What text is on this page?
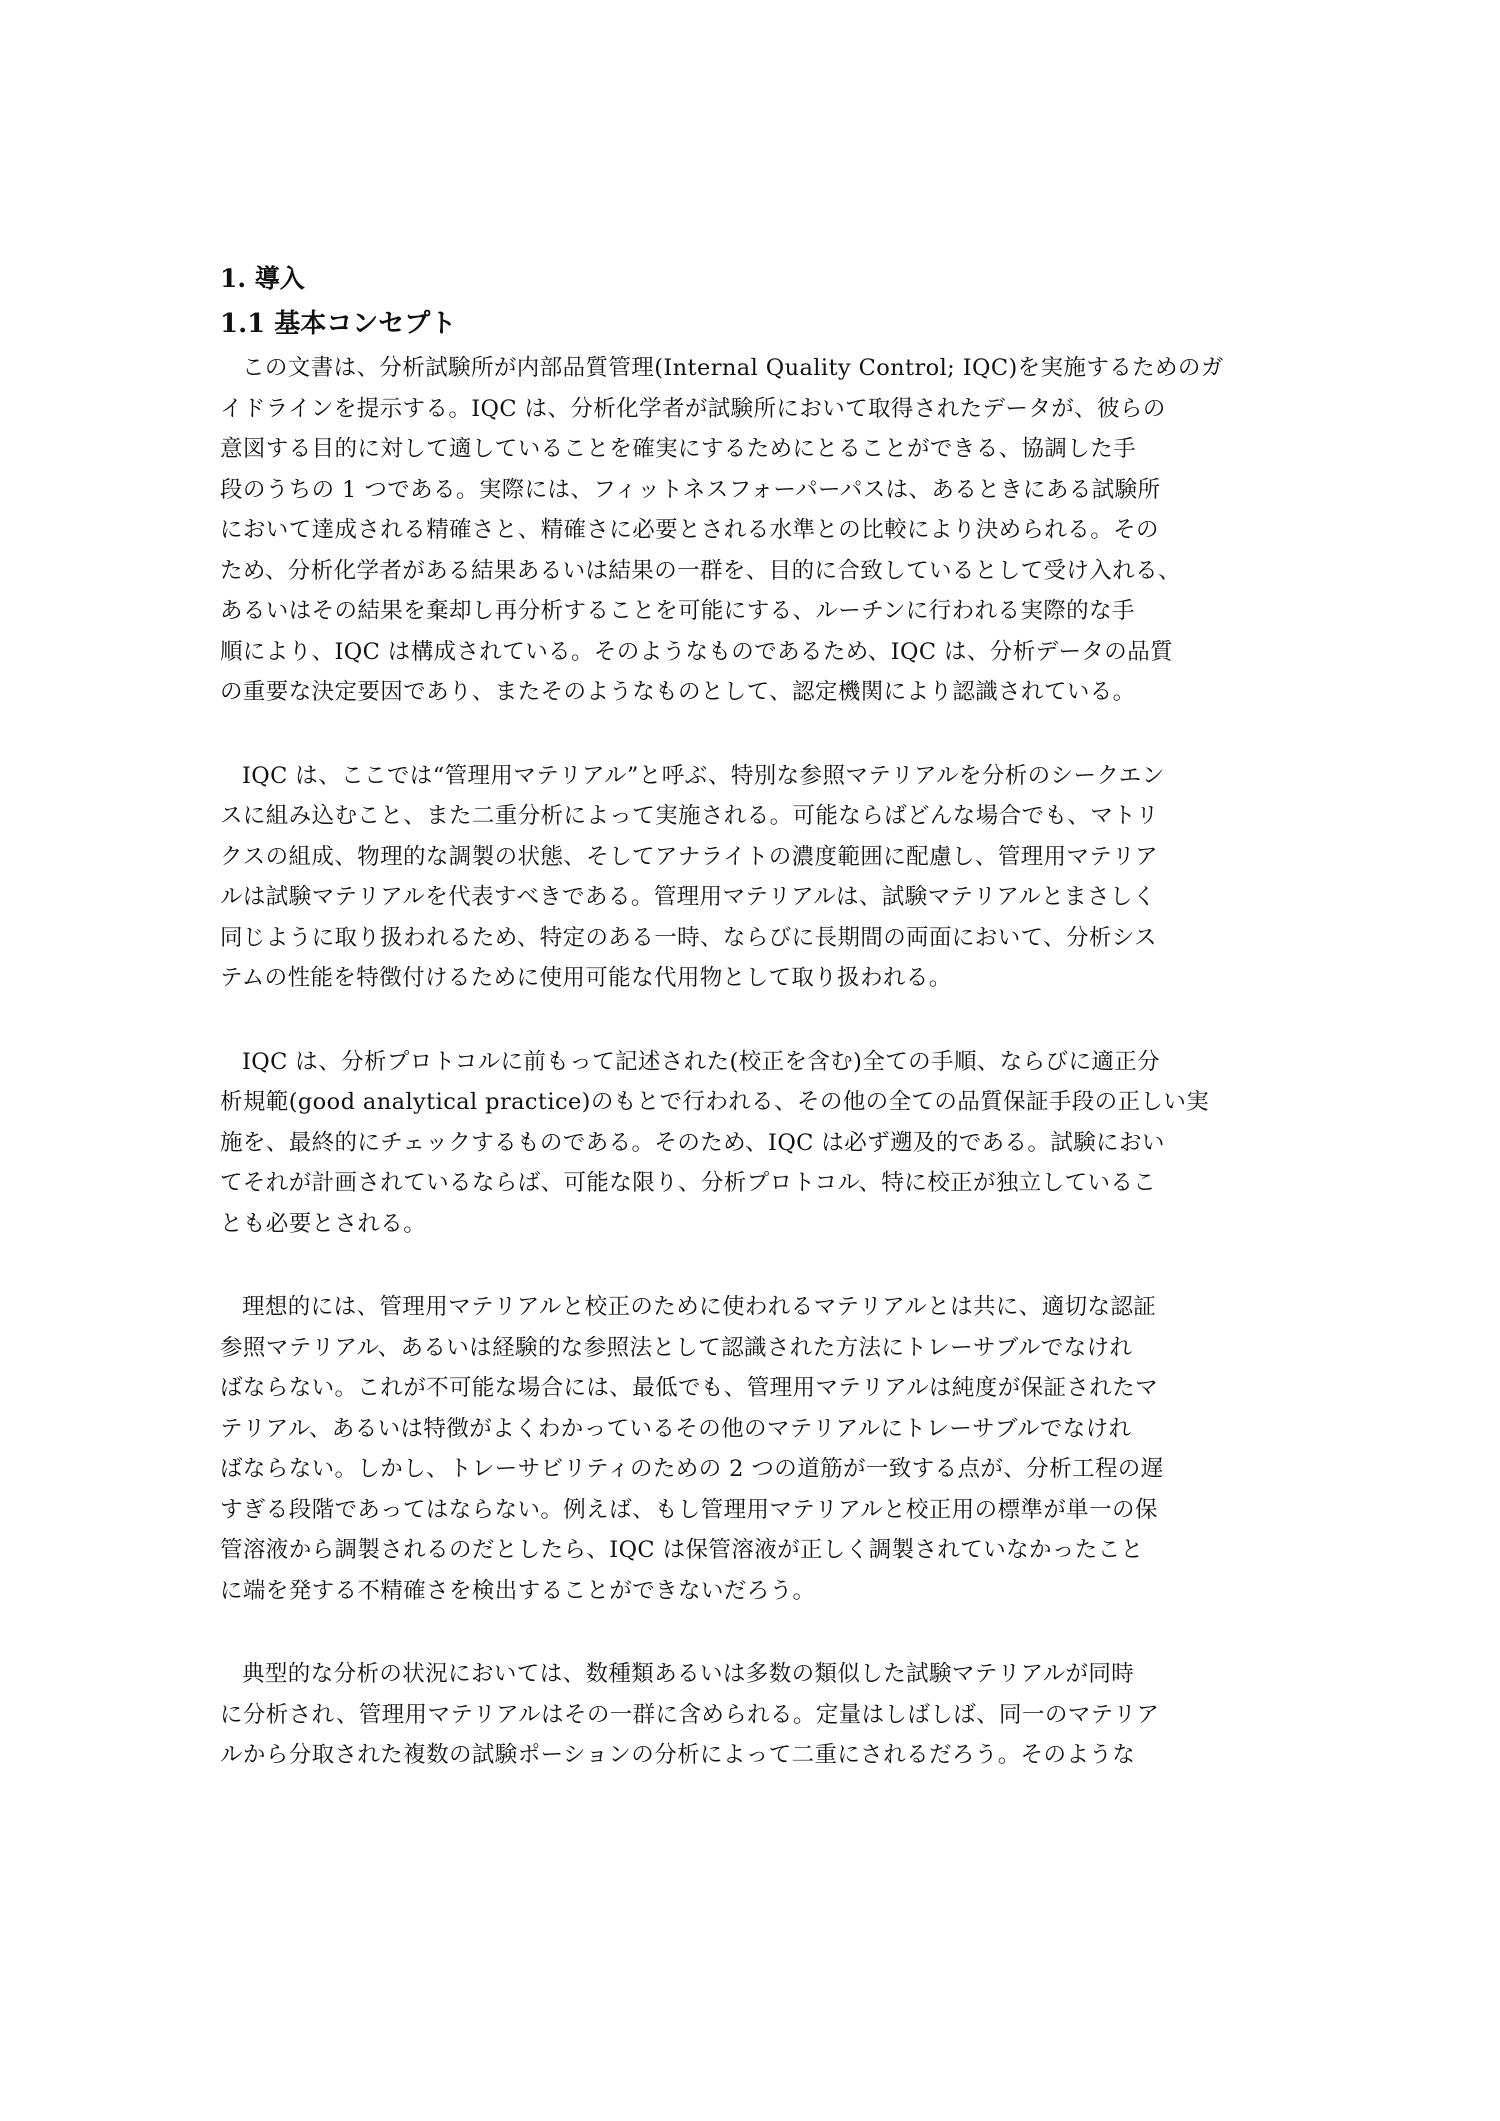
1. 導入
1.1 基本コンセプト
この文書は、分析試験所が内部品質管理(Internal Quality Control; IQC)を実施するためのガ
イドラインを提示する。IQC は、分析化学者が試験所において取得されたデータが、彼らの
意図する目的に対して適していることを確実にするためにとることができる、協調した手
段のうちの 1 つである。実際には、フィットネスフォーパーパスは、あるときにある試験所
において達成される精確さと、精確さに必要とされる水準との比較により決められる。その
ため、分析化学者がある結果あるいは結果の一群を、目的に合致しているとして受け入れる、
あるいはその結果を棄却し再分析することを可能にする、ルーチンに行われる実際的な手
順により、IQC は構成されている。そのようなものであるため、IQC は、分析データの品質
の重要な決定要因であり、またそのようなものとして、認定機関により認識されている。
IQC は、ここでは“管理用マテリアル”と呼ぶ、特別な参照マテリアルを分析のシークエン
スに組み込むこと、また二重分析によって実施される。可能ならばどんな場合でも、マトリ
クスの組成、物理的な調製の状態、そしてアナライトの濃度範囲に配慮し、管理用マテリア
ルは試験マテリアルを代表すべきである。管理用マテリアルは、試験マテリアルとまさしく
同じように取り扱われるため、特定のある一時、ならびに長期間の両面において、分析シス
テムの性能を特徴付けるために使用可能な代用物として取り扱われる。
IQC は、分析プロトコルに前もって記述された(校正を含む)全ての手順、ならびに適正分
析規範(good analytical practice)のもとで行われる、その他の全ての品質保証手段の正しい実
施を、最終的にチェックするものである。そのため、IQC は必ず遡及的である。試験におい
てそれが計画されているならば、可能な限り、分析プロトコル、特に校正が独立しているこ
とも必要とされる。
理想的には、管理用マテリアルと校正のために使われるマテリアルとは共に、適切な認証
参照マテリアル、あるいは経験的な参照法として認識された方法にトレーサブルでなけれ
ばならない。これが不可能な場合には、最低でも、管理用マテリアルは純度が保証されたマ
テリアル、あるいは特徴がよくわかっているその他のマテリアルにトレーサブルでなけれ
ばならない。しかし、トレーサビリティのための 2 つの道筋が一致する点が、分析工程の遅
すぎる段階であってはならない。例えば、もし管理用マテリアルと校正用の標準が単一の保
管溶液から調製されるのだとしたら、IQC は保管溶液が正しく調製されていなかったこと
に端を発する不精確さを検出することができないだろう。
典型的な分析の状況においては、数種類あるいは多数の類似した試験マテリアルが同時
に分析され、管理用マテリアルはその一群に含められる。定量はしばしば、同一のマテリア
ルから分取された複数の試験ポーションの分析によって二重にされるだろう。そのような
